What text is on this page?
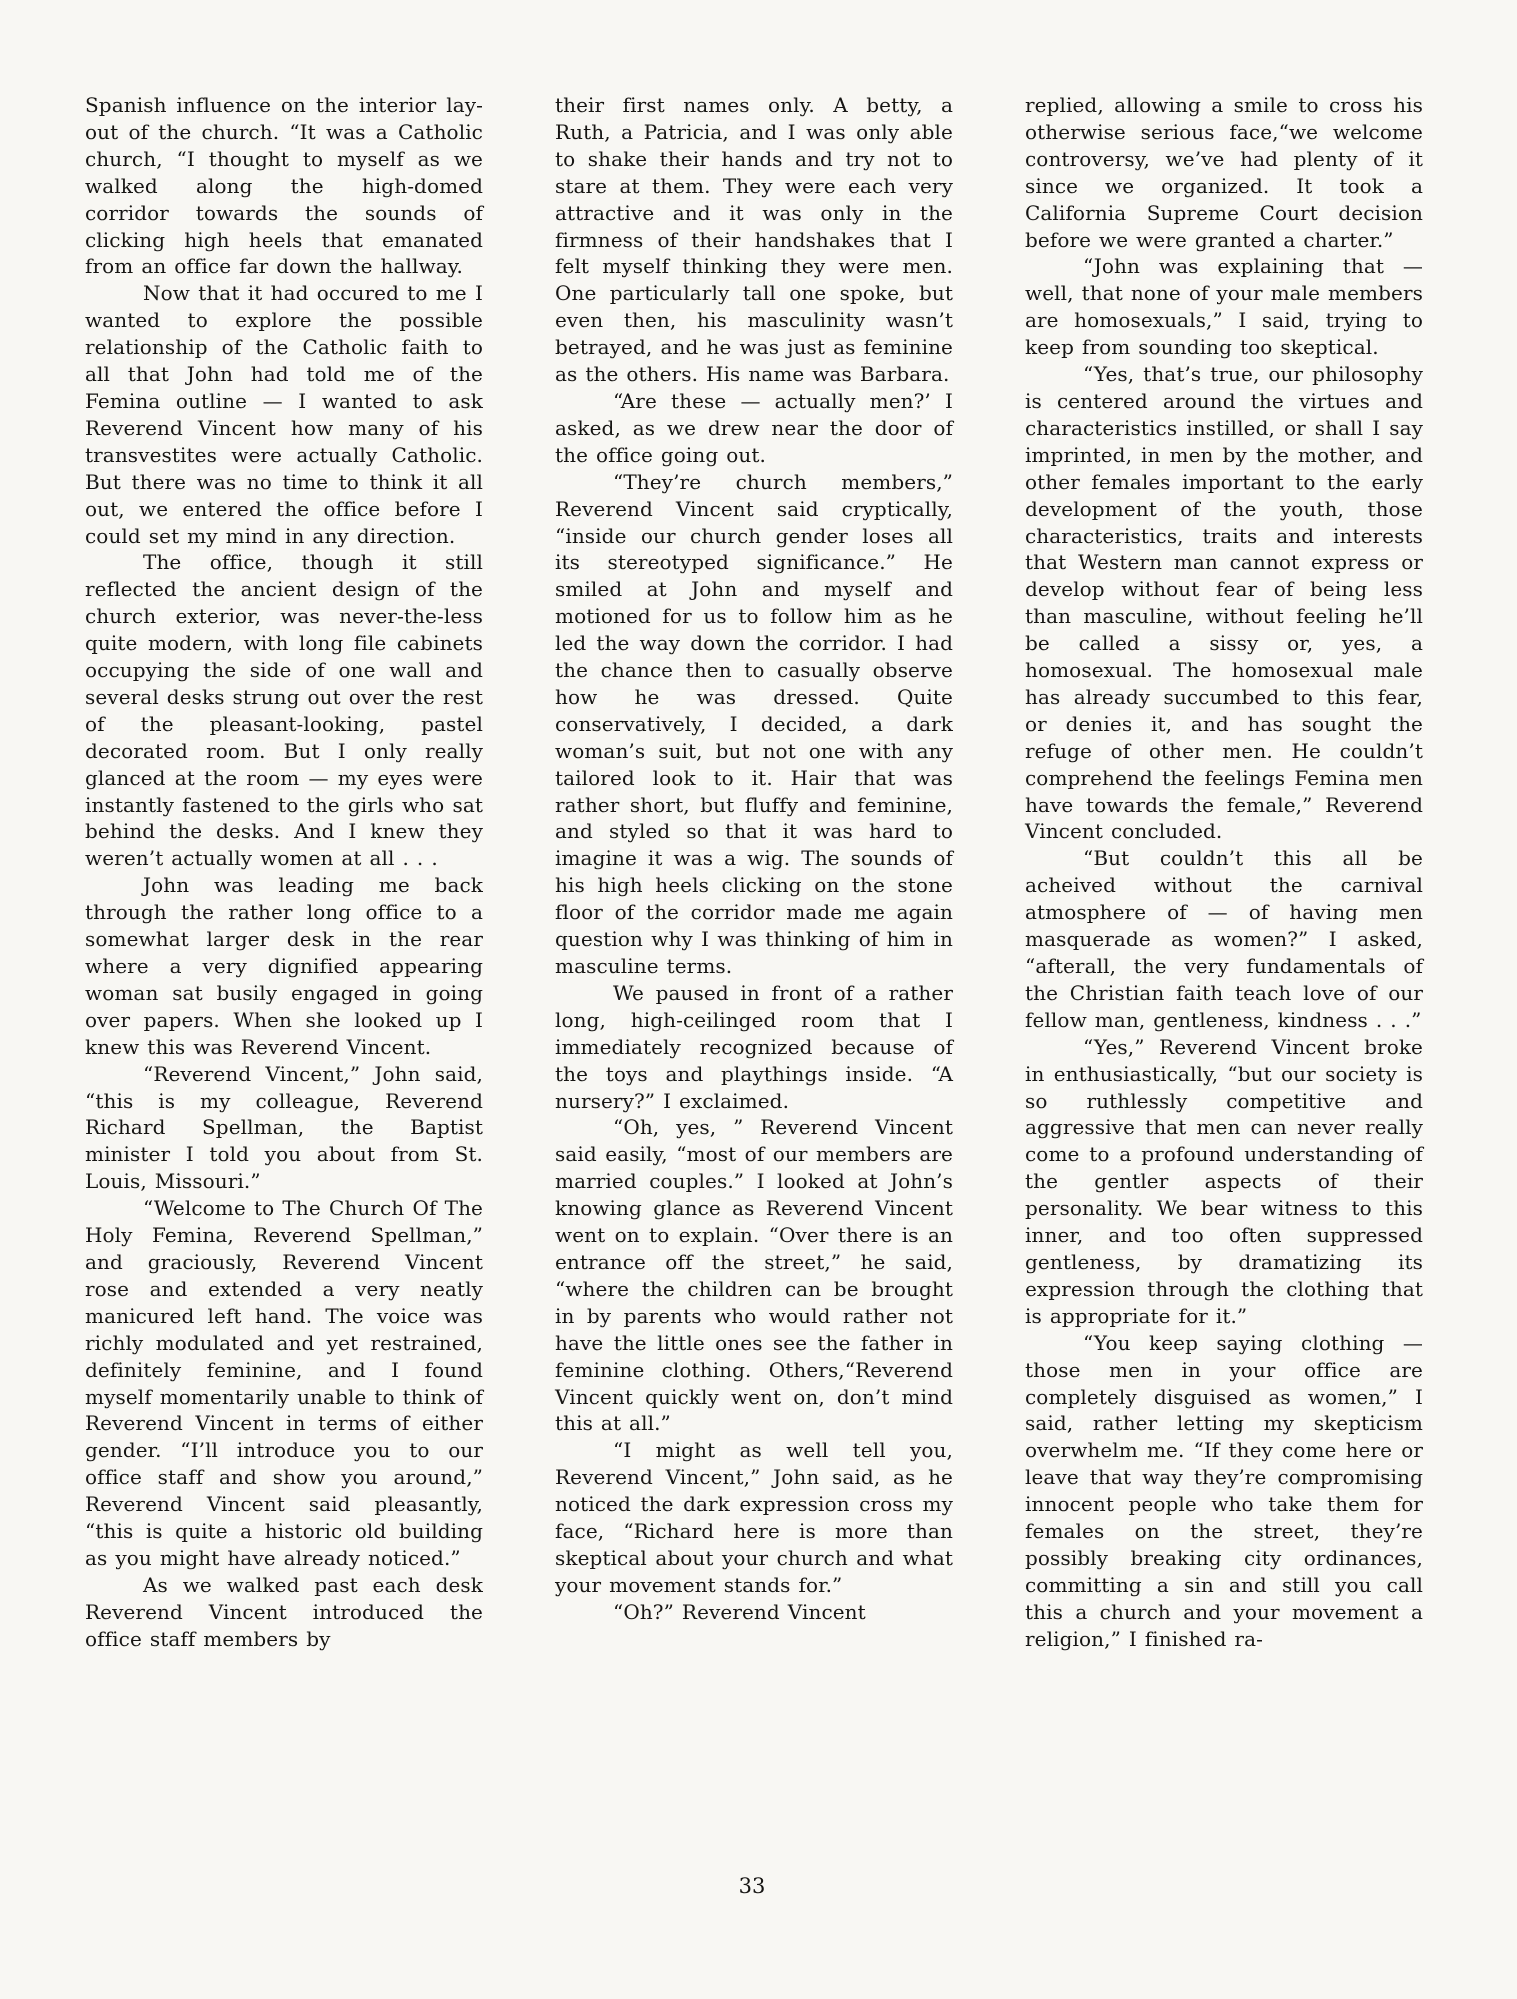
Spanish influence on the interior lay-out of the church. “It was a Catholic church, “I thought to myself as we walked along the high-domed corridor towards the sounds of clicking high heels that emanated from an office far down the hallway.

Now that it had occured to me I wanted to explore the possible relationship of the Catholic faith to all that John had told me of the Femina outline — I wanted to ask Reverend Vincent how many of his transvestites were actually Catholic. But there was no time to think it all out, we entered the office before I could set my mind in any direction.

The office, though it still reflected the ancient design of the church exterior, was never-the-less quite modern, with long file cabinets occupying the side of one wall and several desks strung out over the rest of the pleasant-looking, pastel decorated room. But I only really glanced at the room — my eyes were instantly fastened to the girls who sat behind the desks. And I knew they weren’t actually women at all . . .

John was leading me back through the rather long office to a somewhat larger desk in the rear where a very dignified appearing woman sat busily engaged in going over papers. When she looked up I knew this was Reverend Vincent.

“Reverend Vincent,” John said, “this is my colleague, Reverend Richard Spellman, the Baptist minister I told you about from St. Louis, Missouri.”

“Welcome to The Church Of The Holy Femina, Reverend Spellman,” and graciously, Reverend Vincent rose and extended a very neatly manicured left hand. The voice was richly modulated and yet restrained, definitely feminine, and I found myself momentarily unable to think of Reverend Vincent in terms of either gender. “I’ll introduce you to our office staff and show you around,” Reverend Vincent said pleasantly, “this is quite a historic old building as you might have already noticed.”

As we walked past each desk Reverend Vincent introduced the office staff members by

their first names only. A betty, a Ruth, a Patricia, and I was only able to shake their hands and try not to stare at them. They were each very attractive and it was only in the firmness of their handshakes that I felt myself thinking they were men. One particularly tall one spoke, but even then, his masculinity wasn’t betrayed, and he was just as feminine as the others. His name was Barbara.

“Are these — actually men?’ I asked, as we drew near the door of the office going out.

“They’re church members,” Reverend Vincent said cryptically, “inside our church gender loses all its stereotyped significance.” He smiled at John and myself and motioned for us to follow him as he led the way down the corridor. I had the chance then to casually observe how he was dressed. Quite conservatively, I decided, a dark woman’s suit, but not one with any tailored look to it. Hair that was rather short, but fluffy and feminine, and styled so that it was hard to imagine it was a wig. The sounds of his high heels clicking on the stone floor of the corridor made me again question why I was thinking of him in masculine terms.

We paused in front of a rather long, high-ceilinged room that I immediately recognized because of the toys and playthings inside. “A nursery?” I exclaimed.

“Oh, yes, ” Reverend Vincent said easily, “most of our members are married couples.” I looked at John’s knowing glance as Reverend Vincent went on to explain. “Over there is an entrance off the street,” he said, “where the children can be brought in by parents who would rather not have the little ones see the father in feminine clothing. Others,“Reverend Vincent quickly went on, don’t mind this at all.”

“I might as well tell you, Reverend Vincent,” John said, as he noticed the dark expression cross my face, “Richard here is more than skeptical about your church and what your movement stands for.”

“Oh?” Reverend Vincent

replied, allowing a smile to cross his otherwise serious face,“we welcome controversy, we’ve had plenty of it since we organized. It took a California Supreme Court decision before we were granted a charter.”

“John was explaining that — well, that none of your male members are homosexuals,” I said, trying to keep from sounding too skeptical.

“Yes, that’s true, our philosophy is centered around the virtues and characteristics instilled, or shall I say imprinted, in men by the mother, and other females important to the early development of the youth, those characteristics, traits and interests that Western man cannot express or develop without fear of being less than masculine, without feeling he’ll be called a sissy or, yes, a homosexual. The homosexual male has already succumbed to this fear, or denies it, and has sought the refuge of other men. He couldn’t comprehend the feelings Femina men have towards the female,” Reverend Vincent concluded.

“But couldn’t this all be acheived without the carnival atmosphere of — of having men masquerade as women?” I asked, “afterall, the very fundamentals of the Christian faith teach love of our fellow man, gentleness, kindness . . .”

“Yes,” Reverend Vincent broke in enthusiastically, “but our society is so ruthlessly competitive and aggressive that men can never really come to a profound understanding of the gentler aspects of their personality. We bear witness to this inner, and too often suppressed gentleness, by dramatizing its expression through the clothing that is appropriate for it.”

“You keep saying clothing — those men in your office are completely disguised as women,” I said, rather letting my skepticism overwhelm me. “If they come here or leave that way they’re compromising innocent people who take them for females on the street, they’re possibly breaking city ordinances, committing a sin and still you call this a church and your movement a religion,” I finished ra-

33
